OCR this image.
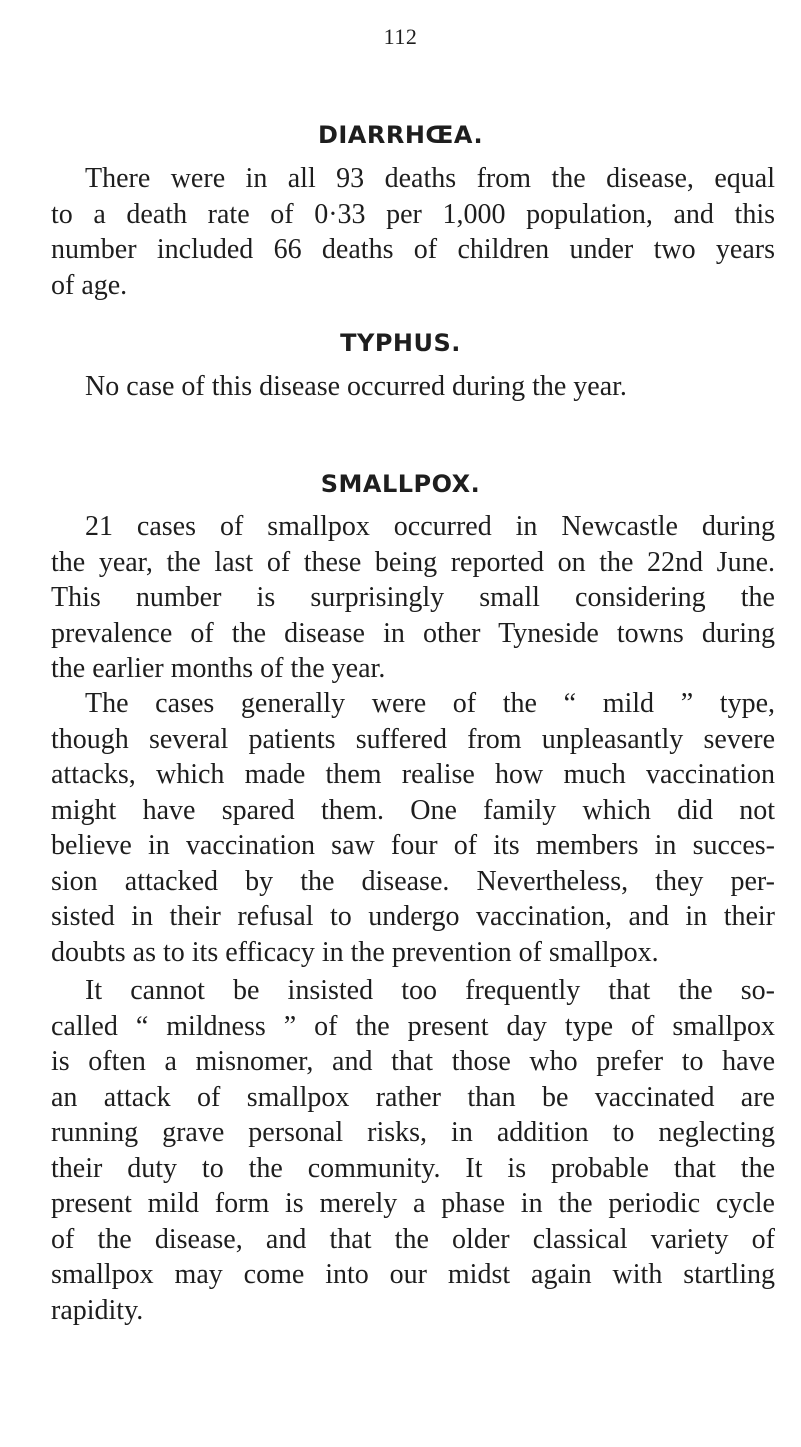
112
DIARRHŒA.
There were in all 93 deaths from the disease, equal
to a death rate of 0·33 per 1,000 population, and this
number included 66 deaths of children under two years
of age.
TYPHUS.
No case of this disease occurred during the year.
SMALLPOX.
21 cases of smallpox occurred in Newcastle during
the year, the last of these being reported on the 22nd June.
This number is surprisingly small considering the
prevalence of the disease in other Tyneside towns during
the earlier months of the year.
The cases generally were of the “ mild ” type,
though several patients suffered from unpleasantly severe
attacks, which made them realise how much vaccination
might have spared them. One family which did not
believe in vaccination saw four of its members in succes-
sion attacked by the disease. Nevertheless, they per-
sisted in their refusal to undergo vaccination, and in their
doubts as to its efficacy in the prevention of smallpox.
It cannot be insisted too frequently that the so-
called “ mildness ” of the present day type of smallpox
is often a misnomer, and that those who prefer to have
an attack of smallpox rather than be vaccinated are
running grave personal risks, in addition to neglecting
their duty to the community. It is probable that the
present mild form is merely a phase in the periodic cycle
of the disease, and that the older classical variety of
smallpox may come into our midst again with startling
rapidity.
